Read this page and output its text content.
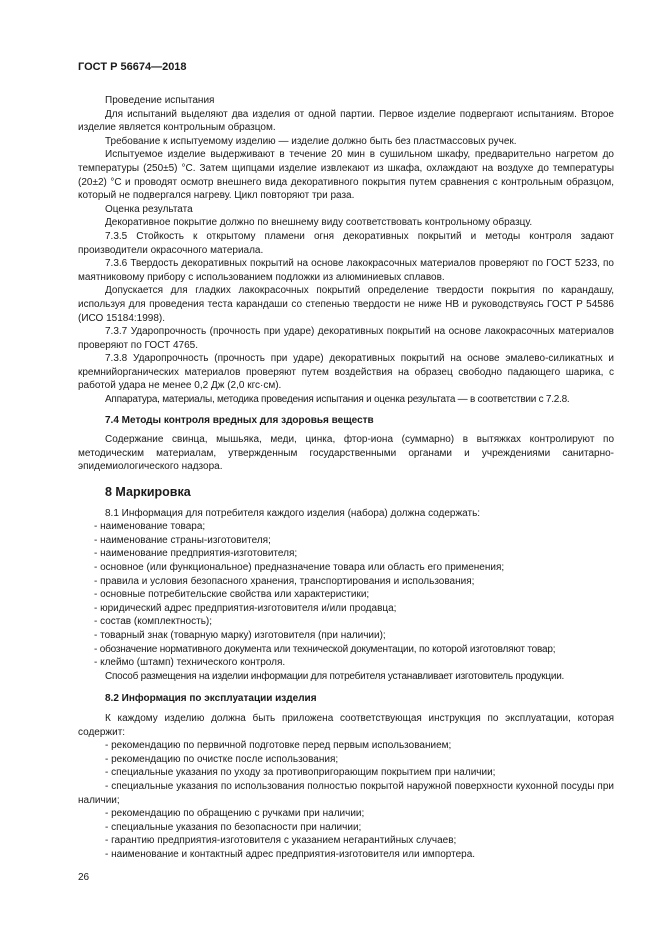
ГОСТ Р 56674—2018

Проведение испытания

Для испытаний выделяют два изделия от одной партии. Первое изделие подвергают испытаниям. Второе изделие является контрольным образцом.

Требование к испытуемому изделию — изделие должно быть без пластмассовых ручек.

Испытуемое изделие выдерживают в течение 20 мин в сушильном шкафу, предварительно нагретом до температуры (250±5) °С. Затем щипцами изделие извлекают из шкафа, охлаждают на воздухе до температуры (20±2) °С и проводят осмотр внешнего вида декоративного покрытия путем сравнения с контрольным образцом, который не подвергался нагреву. Цикл повторяют три раза.

Оценка результата

Декоративное покрытие должно по внешнему виду соответствовать контрольному образцу.

7.3.5 Стойкость к открытому пламени огня декоративных покрытий и методы контроля задают производители окрасочного материала.

7.3.6 Твердость декоративных покрытий на основе лакокрасочных материалов проверяют по ГОСТ 5233, по маятниковому прибору с использованием подложки из алюминиевых сплавов.

Допускается для гладких лакокрасочных покрытий определение твердости покрытия по карандашу, используя для проведения теста карандаши со степенью твердости не ниже НВ и руководствуясь ГОСТ Р 54586 (ИСО 15184:1998).

7.3.7 Ударопрочность (прочность при ударе) декоративных покрытий на основе лакокрасочных материалов проверяют по ГОСТ 4765.

7.3.8 Ударопрочность (прочность при ударе) декоративных покрытий на основе эмалево-силикатных и кремнийорганических материалов проверяют путем воздействия на образец свободно падающего шарика, с работой удара не менее 0,2 Дж (2,0 кгс·см).

Аппаратура, материалы, методика проведения испытания и оценка результата — в соответствии с 7.2.8.

7.4 Методы контроля вредных для здоровья веществ

Содержание свинца, мышьяка, меди, цинка, фтор-иона (суммарно) в вытяжках контролируют по методическим материалам, утвержденным государственными органами и учреждениями санитарно-эпидемиологического надзора.

8 Маркировка

8.1 Информация для потребителя каждого изделия (набора) должна содержать:

- наименование товара;

- наименование страны-изготовителя;

- наименование предприятия-изготовителя;

- основное (или функциональное) предназначение товара или область его применения;

- правила и условия безопасного хранения, транспортирования и использования;

- основные потребительские свойства или характеристики;

- юридический адрес предприятия-изготовителя и/или продавца;

- состав (комплектность);

- товарный знак (товарную марку) изготовителя (при наличии);

- обозначение нормативного документа или технической документации, по которой изготовляют товар;

- клеймо (штамп) технического контроля.

Способ размещения на изделии информации для потребителя устанавливает изготовитель продукции.

8.2 Информация по эксплуатации изделия

К каждому изделию должна быть приложена соответствующая инструкция по эксплуатации, которая содержит:

- рекомендацию по первичной подготовке перед первым использованием;

- рекомендацию по очистке после использования;

- специальные указания по уходу за противопригорающим покрытием при наличии;

- специальные указания по использования полностью покрытой наружной поверхности кухонной посуды при наличии;

- рекомендацию по обращению с ручками при наличии;

- специальные указания по безопасности при наличии;

- гарантию предприятия-изготовителя с указанием негарантийных случаев;

- наименование и контактный адрес предприятия-изготовителя или импортера.

26
